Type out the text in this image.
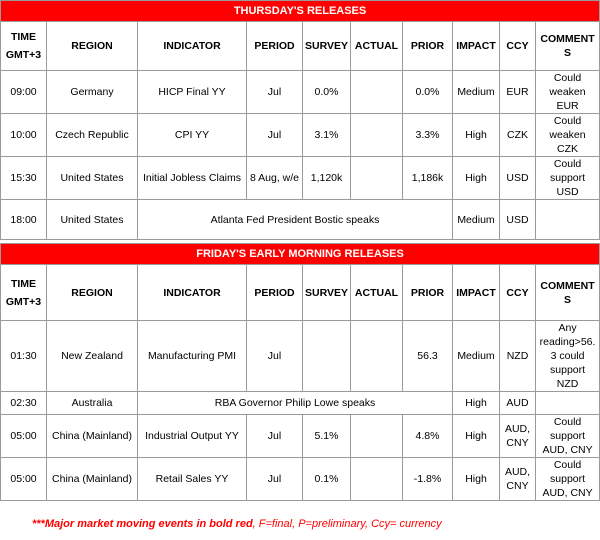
THURSDAY'S RELEASES									
TIME
GMT+3	REGION	INDICATOR	PERIOD	SURVEY	ACTUAL	PRIOR	IMPACT	CCY	COMMENTS
09:00	Germany	HICP Final YY	Jul	0.0%		0.0%	Medium	EUR	Could weaken EUR
10:00	Czech Republic	CPI YY	Jul	3.1%		3.3%	High	CZK	Could weaken CZK
15:30	United States	Initial Jobless Claims	8 Aug, w/e	1,120k		1,186k	High	USD	Could support USD
18:00	United States	Atlanta Fed President Bostic speaks					Medium	USD	
FRIDAY'S EARLY MORNING RELEASES									
TIME
GMT+3	REGION	INDICATOR	PERIOD	SURVEY	ACTUAL	PRIOR	IMPACT	CCY	COMMENTS
01:30	New Zealand	Manufacturing PMI	Jul			56.3	Medium	NZD	Any reading>56.3 could support NZD
02:30	Australia	RBA Governor Philip Lowe speaks					High	AUD	
05:00	China (Mainland)	Industrial Output YY	Jul	5.1%		4.8%	High	AUD, CNY	Could support AUD, CNY
05:00	China (Mainland)	Retail Sales YY	Jul	0.1%		-1.8%	High	AUD, CNY	Could support AUD, CNY
***Major market moving events in bold red, F=final, P=preliminary, Ccy= currency
